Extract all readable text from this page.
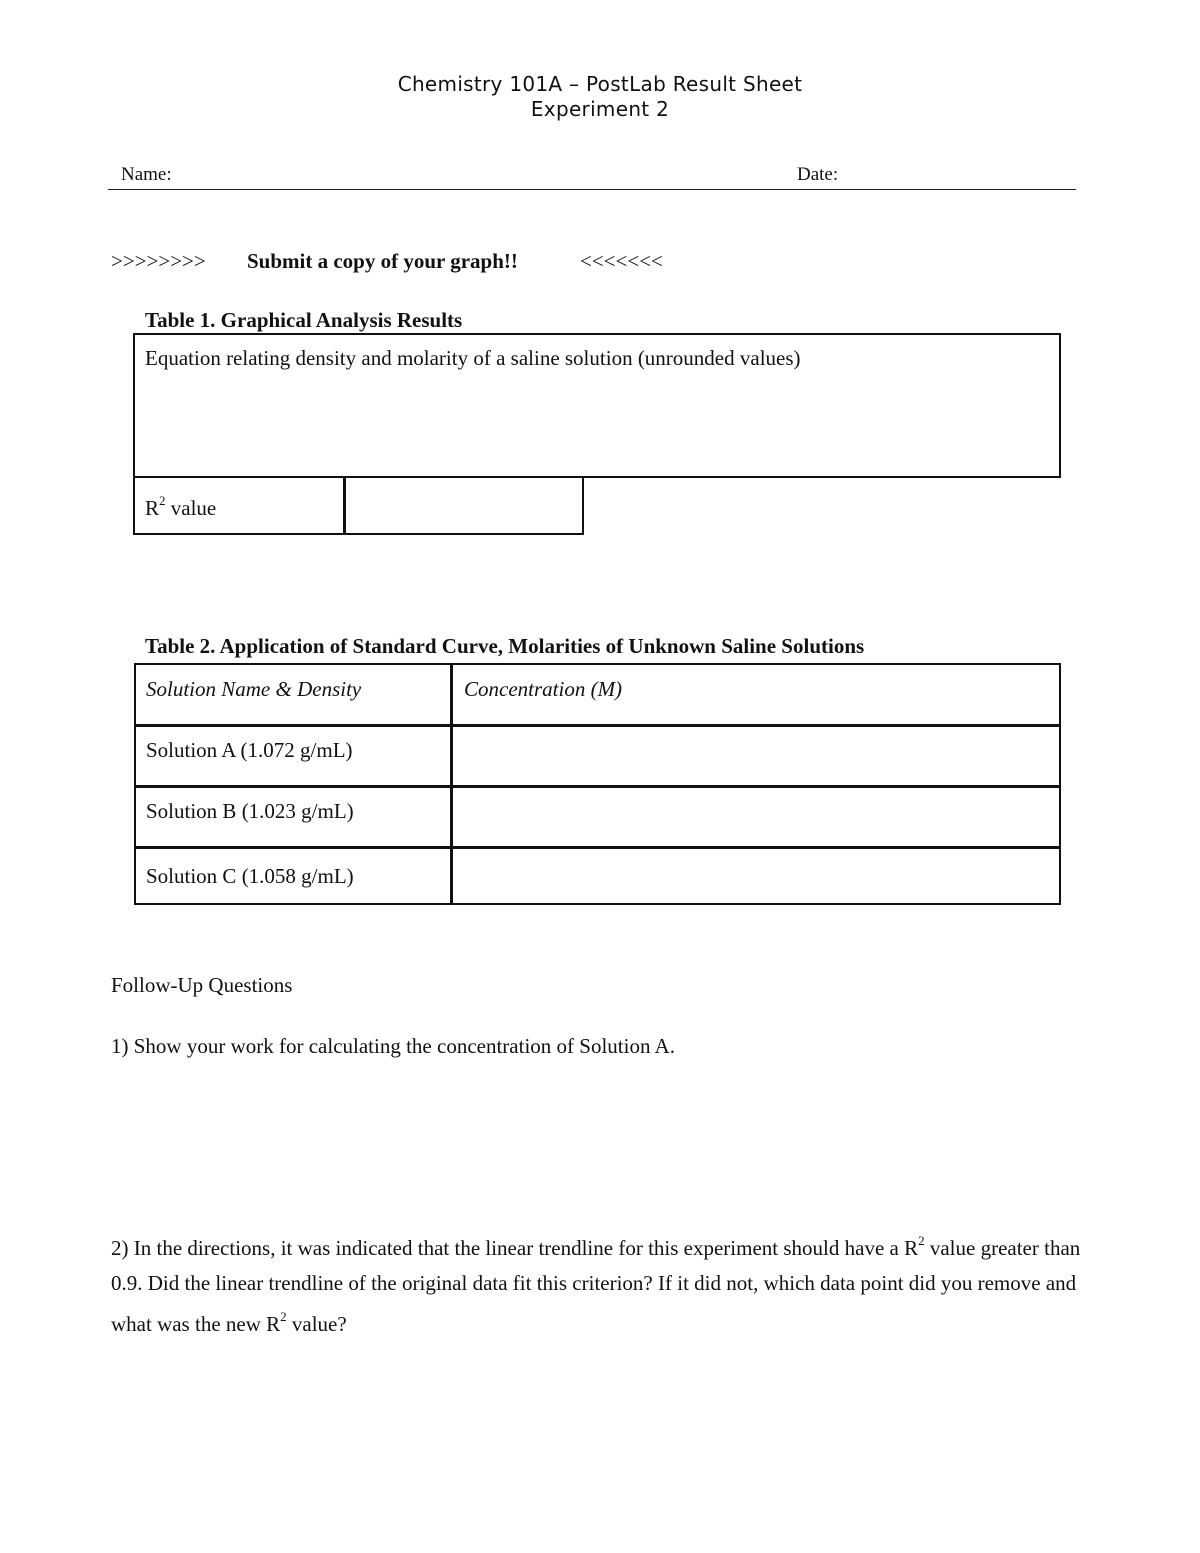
Chemistry 101A – PostLab Result Sheet
Experiment 2
Name:	Date:
>>>>>>>> Submit a copy of your graph!!	<<<<<<<
Table 1. Graphical Analysis Results
Equation relating density and molarity of a saline solution (unrounded values)
$R^2$ value
Table 2. Application of Standard Curve, Molarities of Unknown Saline Solutions
Solution Name & Density	Concentration (M)
Solution A (1.072 g/mL)
Solution B (1.023 g/mL)
Solution C (1.058 g/mL)
Follow-Up Questions
1) Show your work for calculating the concentration of Solution A.
2) In the directions, it was indicated that the linear trendline for this experiment should have a $R^2$ value greater than 0.9. Did the linear trendline of the original data fit this criterion? If it did not, which data point did you remove and what was the new $R^2$ value?
